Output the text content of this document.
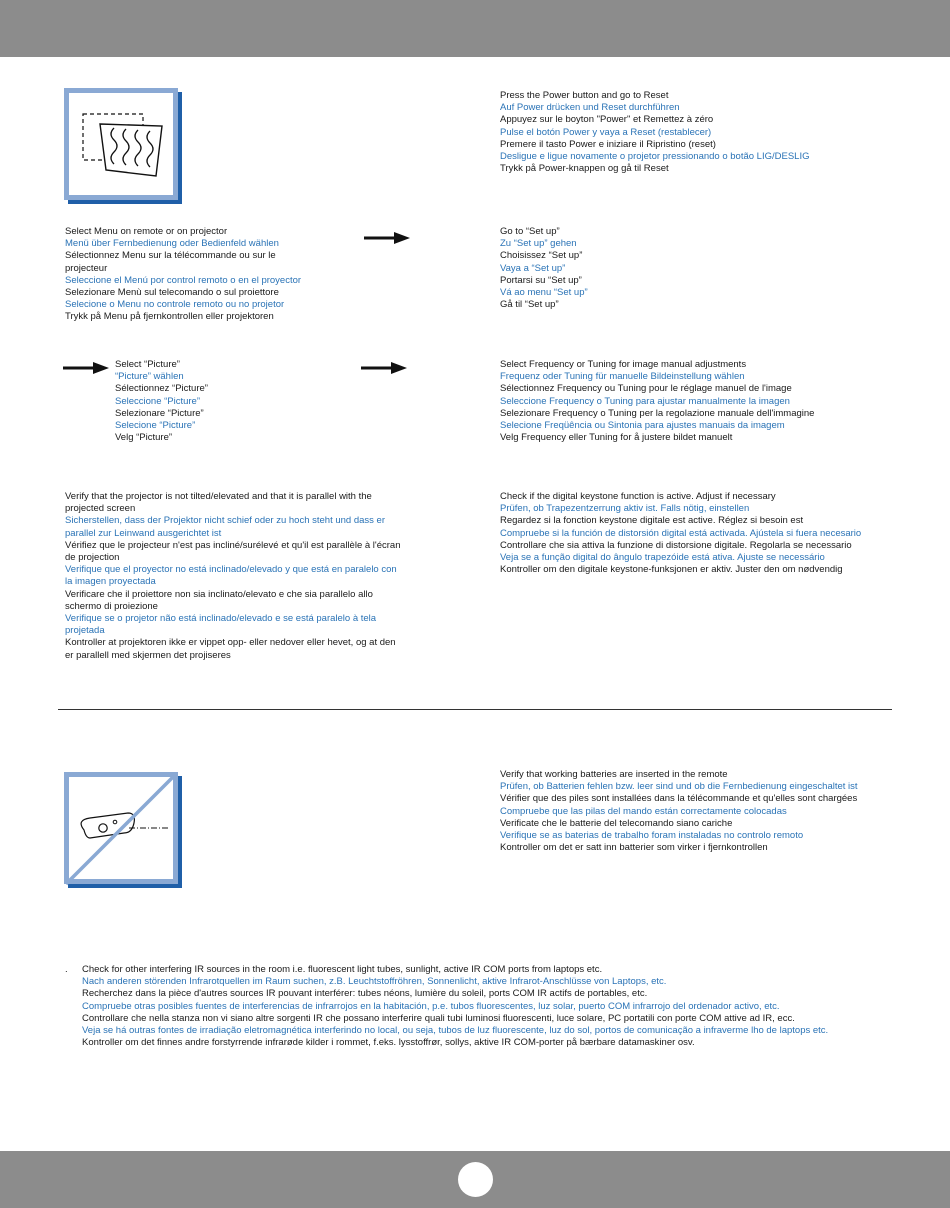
Press the Power button and go to Reset
Auf Power drücken und Reset durchführen
Appuyez sur le boyton "Power" et Remettez à zéro
Pulse el botón Power y vaya a Reset (restablecer)
Premere il tasto Power e iniziare il Ripristino (reset)
Desligue e ligue novamente o projetor pressionando o botão LIG/DESLIG
Trykk på Power-knappen og gå til Reset
Select Menu on remote or on projector
Menü über Fernbedienung oder Bedienfeld wählen
Sélectionnez Menu sur la télécommande ou sur le projecteur
Seleccione el Menú por control remoto o en el proyector
Selezionare Menù sul telecomando o sul proiettore
Selecione o Menu no controle remoto ou no projetor
Trykk på Menu på fjernkontrollen eller projektoren
Go to “Set up”
Zu “Set up” gehen
Choisissez “Set up”
Vaya a “Set up”
Portarsi su “Set up”
Vá ao menu “Set up”
Gå til “Set up”
Select “Picture”
“Picture” wählen
Sélectionnez “Picture”
Seleccione “Picture”
Selezionare “Picture”
Selecione “Picture”
Velg “Picture”
Select Frequency or Tuning for image manual adjustments
Frequenz oder Tuning für manuelle Bildeinstellung wählen
Sélectionnez Frequency ou Tuning pour le réglage manuel de l'image
Seleccione Frequency o Tuning para ajustar manualmente la imagen
Selezionare Frequency o Tuning per la regolazione manuale dell'immagine
Selecione Freqüência ou Sintonia para ajustes manuais da imagem
Velg Frequency eller Tuning for å justere bildet manuelt
Verify that the projector is not tilted/elevated and that it is parallel with the projected screen
Sicherstellen, dass der Projektor nicht schief oder zu hoch steht und dass er parallel zur Leinwand ausgerichtet ist
Vérifiez que le projecteur n'est pas incliné/surélevé et qu'il est parallèle à l'écran de projection
Verifique que el proyector no está inclinado/elevado y que está en paralelo con la imagen proyectada
Verificare che il proiettore non sia inclinato/elevato e che sia parallelo allo schermo di proiezione
Verifique se o projetor não está inclinado/elevado e se está paralelo à tela projetada
Kontroller at projektoren ikke er vippet opp- eller nedover eller hevet, og at den er parallell med skjermen det projiseres
Check if the digital keystone function is active. Adjust if necessary
Prüfen, ob Trapezentzerrung aktiv ist. Falls nötig, einstellen
Regardez si la fonction keystone digitale est active. Réglez si besoin est
Compruebe si la función de distorsión digital está activada. Ajústela si fuera necesario
Controllare che sia attiva la funzione di distorsione digitale. Regolarla se necessario
Veja se a função digital do ângulo trapezóide está ativa. Ajuste se necessário
Kontroller om den digitale keystone-funksjonen er aktiv. Juster den om nødvendig
Verify that working batteries are inserted in the remote
Prüfen, ob Batterien fehlen bzw. leer sind und ob die Fernbedienung eingeschaltet ist
Vérifier que des piles sont installées dans la télécommande et qu'elles sont chargées
Compruebe que las pilas del mando están correctamente colocadas
Verificate che le batterie del telecomando siano cariche
Verifique se as baterias de trabalho foram instaladas no controlo remoto
Kontroller om det er satt inn batterier som virker i fjernkontrollen
. Check for other interfering IR sources in the room i.e. fluorescent light tubes, sunlight, active IR COM ports from laptops etc.
Nach anderen störenden Infrarotquellen im Raum suchen, z.B. Leuchtstoffröhren, Sonnenlicht, aktive Infrarot-Anschlüsse von Laptops, etc.
Recherchez dans la pièce d'autres sources IR pouvant interférer: tubes néons, lumière du soleil, ports COM IR actifs de portables, etc.
Compruebe otras posibles fuentes de interferencias de infrarrojos en la habitación, p.e. tubos fluorescentes, luz solar, puerto COM infrarrojo del ordenador activo, etc.
Controllare che nella stanza non vi siano altre sorgenti IR che possano interferire quali tubi luminosi fluorescenti, luce solare, PC portatili con porte COM attive ad IR, ecc.
Veja se há outras fontes de irradiação eletromagnética interferindo no local, ou seja, tubos de luz fluorescente, luz do sol, portos de comunicação a infraverme lho de laptops etc.
Kontroller om det finnes andre forstyrrende infrarøde kilder i rommet, f.eks. lysstoffrør, sollys, aktive IR COM-porter på bærbare datamaskiner osv.
